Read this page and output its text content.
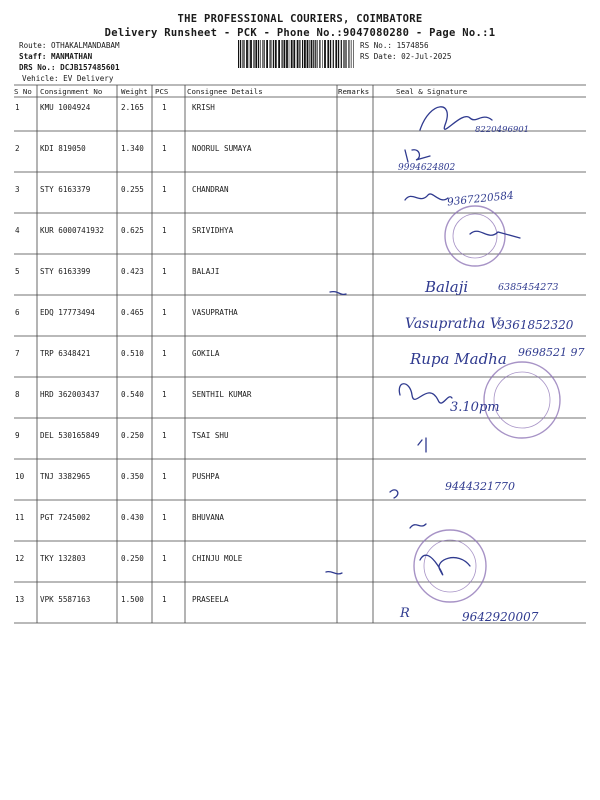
THE PROFESSIONAL COURIERS, COIMBATORE
Delivery Runsheet - PCK - Phone No.:9047080280 - Page No.:1
Route: OTHAKALMANDABAM
Staff: MANMATHAN
DRS No.: DCJB157485601
Vehicle: EV Delivery
RS No.: 1574856
RS Date: 02-Jul-2025
S No Consignment No	Weight PCS	Consignee Details	Remarks	Seal & Signature
1	KMU 1004924	2.165 1	KRISH
2	KDI 819050	1.340 1	NOORUL SUMAYA
3	STY 6163379	0.255 1	CHANDRAN
4	KUR 6000741932 0.625 1	SRIVIDHYA
5	STY 6163399	0.423 1	BALAJI
6	EDQ 17773494	0.465 1	VASUPRATHA
7	TRP 6348421	0.510 1	GOKILA
8	HRD 362003437	0.540 1	SENTHIL KUMAR
9	DEL 530165849	0.250 1	TSAI SHU
10 TNJ 3382965	0.350 1	PUSHPA
11 PGT 7245002	0.430 1	BHUVANA
12 TKY 132803	0.250 1	CHINJU MOLE
13 VPK 5587163	1.500 1	PRASEELA
8220496901
9994624802
9367220584
Balaji	6385454273
Vasupratha V
9361852320
Rupa Madha 9698521 97
3.10pm
9444321770
R	9642920007
